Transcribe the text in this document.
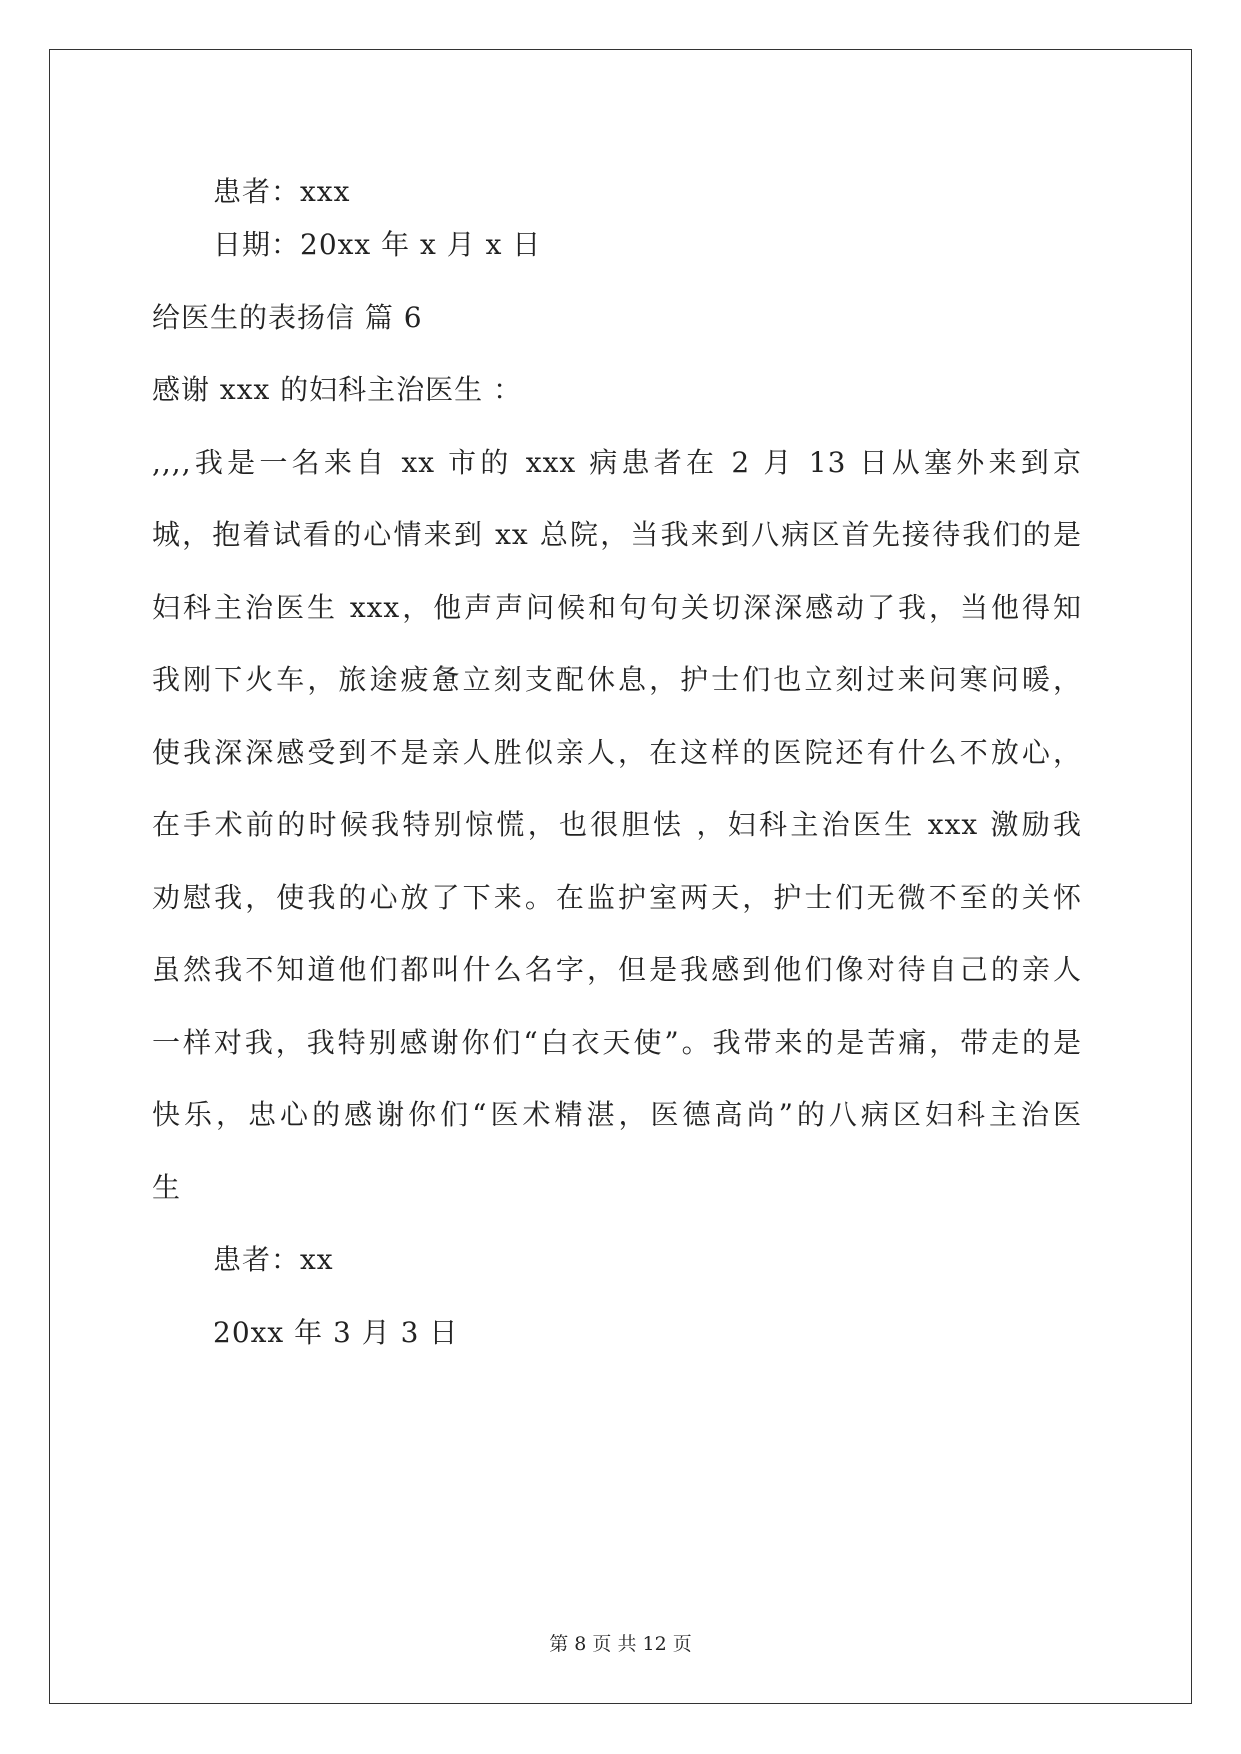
患者：xxx
日期：20xx 年 x 月 x 日
给医生的表扬信 篇 6
感谢 xxx 的妇科主治医生 ：
,,,,我是一名来自 xx 市的 xxx 病患者在 2 月 13 日从塞外来到京
城，抱着试看的心情来到 xx 总院，当我来到八病区首先接待我们的是
妇科主治医生 xxx，他声声问候和句句关切深深感动了我，当他得知
我刚下火车，旅途疲惫立刻支配休息，护士们也立刻过来问寒问暖，
使我深深感受到不是亲人胜似亲人，在这样的医院还有什么不放心，
在手术前的时候我特别惊慌，也很胆怯 ，妇科主治医生 xxx 激励我
劝慰我，使我的心放了下来。在监护室两天，护士们无微不至的关怀
虽然我不知道他们都叫什么名字，但是我感到他们像对待自己的亲人
一样对我，我特别感谢你们“白衣天使”。我带来的是苦痛，带走的是
快乐，忠心的感谢你们“医术精湛，医德高尚”的八病区妇科主治医
生
患者：xx
20xx 年 3 月 3 日
第 8 页 共 12 页
